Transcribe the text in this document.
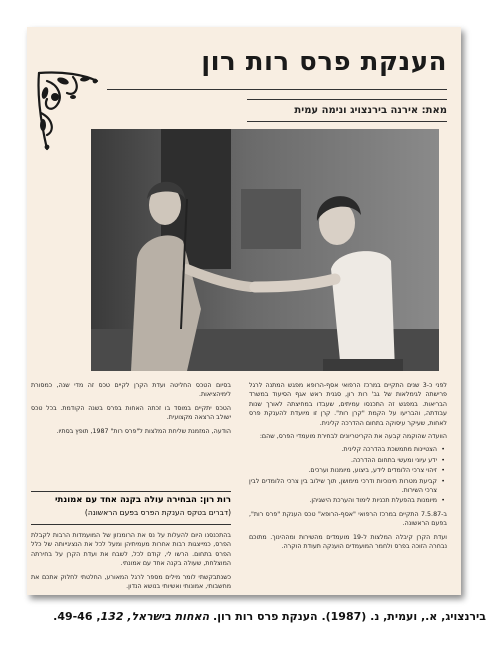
הענקת פרס רות רון
מאת: אירנה בירנצויג ונימה עמית

לפני כ-3 שנים התקיים במרכז הרפואי אסף-הרופא מפגש המתנה לרגל פרישתה לגימלאות של גב' רות רון, סגנית ראש אגף הסיעוד במשרד הבריאות. במפגש זה התכנסו עמיתים, שעבדו במחיצתה לאורך שנות עבודתה, והבריעו על הקמת "קרן רות". קרן זו מיועדת להענקת פרס לאחות, שעיקר עיסוקה בתחום ההדרכה קלינית.

הוועדה שהוקמה קבעה את הקריטריונים לבחירת מועמדי הפרס, שהם:

• הצטיינות מתמשכת בהדרכה קלינית.
• ידע עיוני ומעשי בתחום ההדרכה.
• זיהוי צרכי הלומדים לידע, ביצוע, מיומנות וערכים.
• קביעת מטרות חינוכיות ודרכי מימושן, תוך שילוב בין צרכי הלומדים לבין צרכי השירות.
• מיומנות בהפעלת תכניות לימוד והערכת הישגיהן.

ב-7.5.87 התקיים במרכז הרפואי "אסף-הרופא" טכס הענקת "פרס רות", בפעם הראשונה.

ועדת הקרן קיבלה המלצות ל-19 מועמדים מהשירות ומההינוך. מתוכם נבחרה הזוכה בפרס ולחמר המועמדים הוענקה תעודת הוקרה.

בסיום הטכס החליטה ועדת הקרן לקיים טכס זה מדי שנה, כמסורת לימיהציאות.

הטכס יתקיים במוסד בו זכתה האחות בפרס בשנה הקודמת. בכל טכס ישולב הרצאה מקצועית.

הודעה, המזמנת שליחת המלצות ל"פרס רות" 1987, תופץ בסתיו.

רות רון: הבחירה עולה בקנה אחד עם אמונתי
(דברים בטקס הענקת הפרס בפעם הראשונה)

בהתכנסנו היום להעלות על נס את הרומנזון של המועמדות הרבות לקבלת הפרס, כמייצגות רבות אחרות מעמיתיהן ומעל לכל את הנציגייותה של כלל הפרס בתחום. הרשו לי, קודם לכל, לשבח את ועדת הקרן על בחירתה המוצלחת, שעולה בקנה אחד עם אמונתי.

כשנתבקשתי לומר מילים מספר לרגל המאורע, החלטתי לחלוק אתכם את מחשבותי, אמונותי ואשיותי בנושא הנדון.

בירנצויג, א., ועמית, נ. (1987). הענקת פרס רות רון. האחות בישראל, 132, 49-46.
